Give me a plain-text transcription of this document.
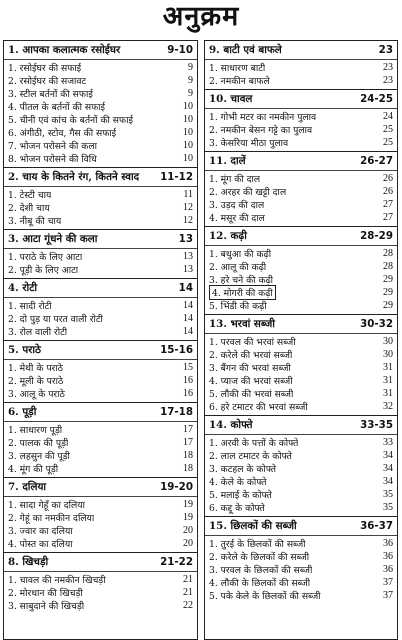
अनुक्रम
1. आपका कलात्मक रसोईघर	9-10
1. रसोईघर की सफाई	9
2. रसोईघर की सजावट	9
3. स्टील बर्तनों की सफाई	9
4. पीतल के बर्तनों की सफाई	10
5. चीनी एवं कांच के बर्तनों की सफाई	10
6. अंगीठी, स्टोव, गैस की सफाई	10
7. भोजन परोसने की कला	10
8. भोजन परोसने की विधि	10
2. चाय के कितने रंग, कितने स्वाद 11-12
1. टेस्टी चाय	11
2. देशी चाय	12
3. नीबू की चाय	12
3. आटा गूंधने की कला	13
1. पराठे के लिए आटा	13
2. पूड़ी के लिए आटा	13
4. रोटी	14
1. सादी रोटी	14
2. दो पुड़ या परत वाली रोटी	14
3. रोल वाली रोटी	14
5. पराठे	15-16
1. मेथी के पराठे	15
2. मूली के पराठे	16
3. आलू के पराठे	16
6. पूड़ी	17-18
1. साधारण पूड़ी	17
2. पालक की पूड़ी	17
3. लहसुन की पूड़ी	18
4. मूंग की पूड़ी	18
7. दलिया	19-20
1. सादा गेहूँ का दलिया	19
2. गेहूं का नमकीन दलिया	19
3. ज्वार का दलिया	20
4. पोस्त का दलिया	20
8. खिचड़ी	21-22
1. चावल की नमकीन खिचड़ी	21
2. मोरधान की खिचड़ी	21
3. साबुदाने की खिचड़ी	22
9. बाटी एवं बाफले	23
1. साधारण बाटी	23
2. नमकीन बाफले	23
10. चावल	24-25
1. गोभी मटर का नमकीन पुलाव	24
2. नमकीन बेसन गट्टे का पुलाव	25
3. केसरिया मीठा पुलाव	25
11. दालें	26-27
1. मूंग की दाल	26
2. अरहर की खट्टी दाल	26
3. उड़द की दाल	27
4. मसूर की दाल	27
12. कढ़ी	28-29
1. बथुआ की कढ़ी	28
2. आलू की कढ़ी	28
3. हरे चने की कढ़ी	29
4. मोगरी की कढ़ी	29
5. भिंडी की कढ़ी	29
13. भरवां सब्जी	30-32
1. परवल की भरवां सब्जी	30
2. करेले की भरवां सब्जी	30
3. बैंगन की भरवां सब्जी	31
4. प्याज की भरवां सब्जी	31
5. लौकी की भरवां सब्जी	31
6. हरे टमाटर की भरवां सब्जी	32
14. कोफ्ते	33-35
1. अरवी के पत्तों के कोफ्ते	33
2. लाल टमाटर के कोफ्ते	34
3. कटहल के कोफ्ते	34
4. केले के कोफ्ते	34
5. मलाई के कोफ्ते	35
6. कद्दू के कोफ्ते	35
15. छिलकों की सब्जी	36-37
1. तुरई के छिलकों की सब्जी	36
2. करेले के छिलकों की सब्जी	36
3. परवल के छिलकों की सब्जी	36
4. लौकी के छिलकों की सब्जी	37
5. पके केले के छिलकों की सब्जी	37
